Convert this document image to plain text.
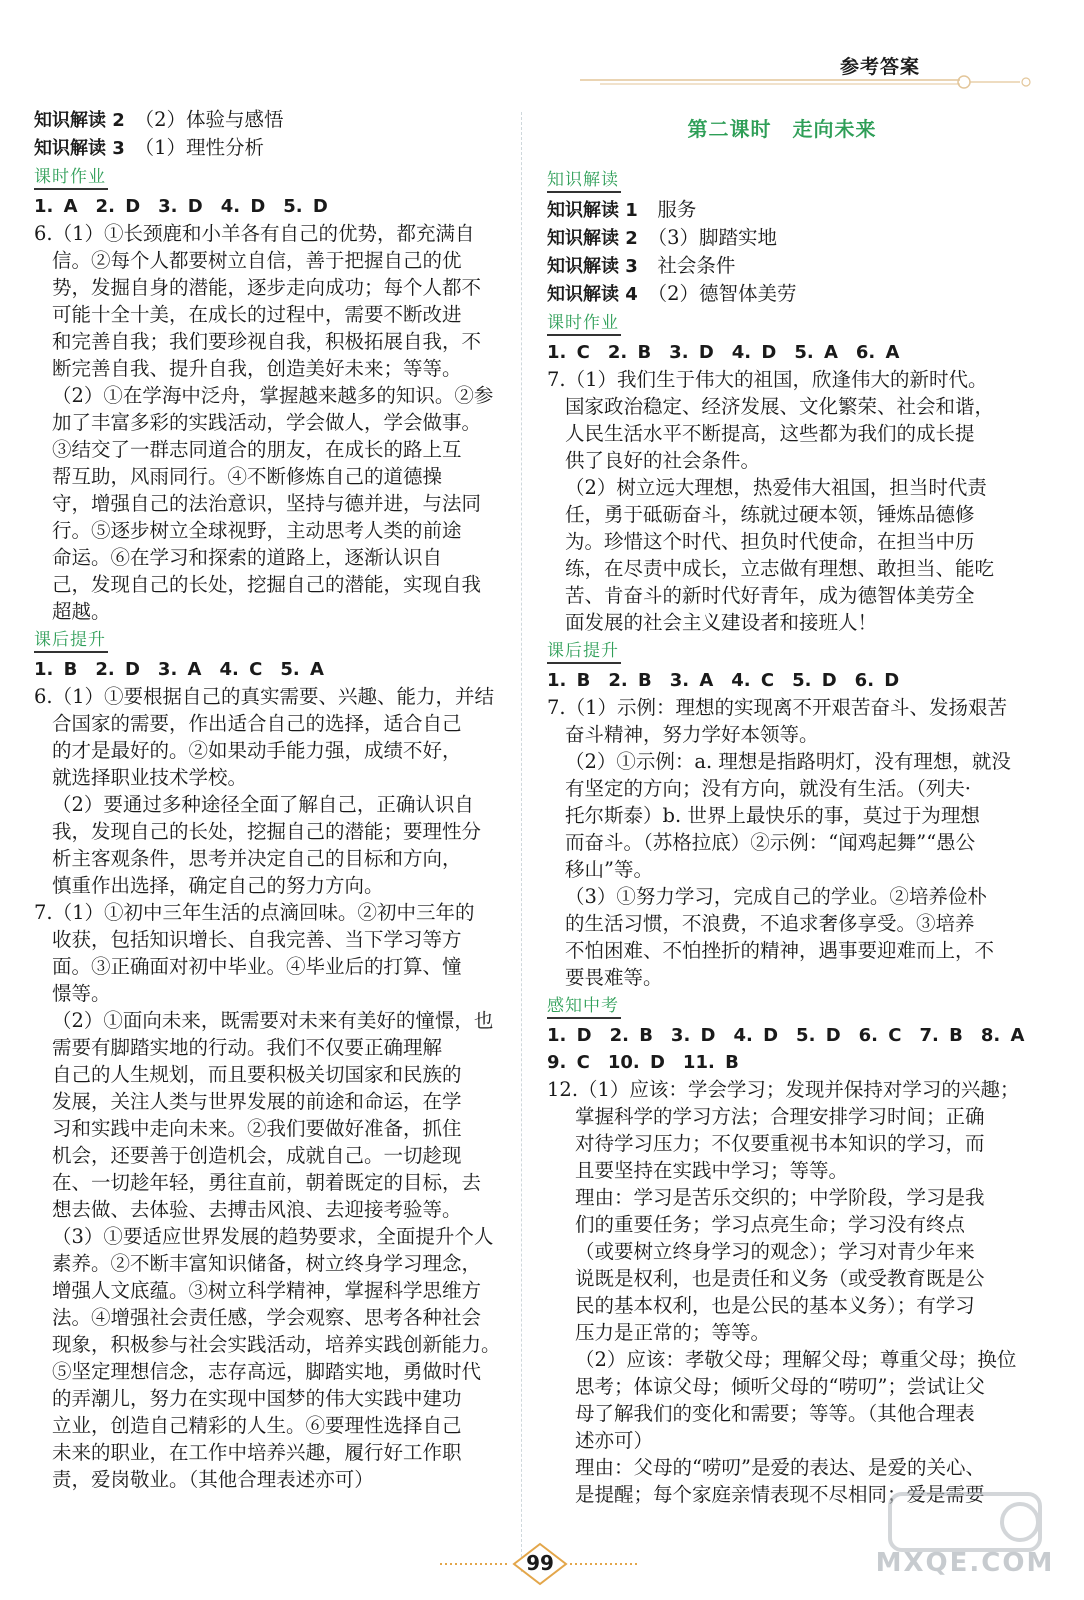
参考答案
知识解读 2　 （2）体验与感悟
知识解读 3　 （1）理性分析
课时作业
1. A　2. D　3. D　4. D　5. D
6.（1）①长颈鹿和小羊各有自己的优势，都充满自
信。②每个人都要树立自信，善于把握自己的优
势，发掘自身的潜能，逐步走向成功；每个人都不
可能十全十美，在成长的过程中，需要不断改进
和完善自我；我们要珍视自我，积极拓展自我，不
断完善自我、提升自我，创造美好未来；等等。
（2）①在学海中泛舟，掌握越来越多的知识。②参
加了丰富多彩的实践活动，学会做人，学会做事。
③结交了一群志同道合的朋友，在成长的路上互
帮互助，风雨同行。④不断修炼自己的道德操
守，增强自己的法治意识，坚持与德并进，与法同
行。⑤逐步树立全球视野，主动思考人类的前途
命运。⑥在学习和探索的道路上，逐渐认识自
己，发现自己的长处，挖掘自己的潜能，实现自我
超越。
课后提升
1. B　2. D　3. A　4. C　5. A
6.（1）①要根据自己的真实需要、兴趣、能力，并结
合国家的需要，作出适合自己的选择，适合自己
的才是最好的。②如果动手能力强，成绩不好，
就选择职业技术学校。
（2）要通过多种途径全面了解自己，正确认识自
我，发现自己的长处，挖掘自己的潜能；要理性分
析主客观条件，思考并决定自己的目标和方向，
慎重作出选择，确定自己的努力方向。
7.（1）①初中三年生活的点滴回味。②初中三年的
收获，包括知识增长、自我完善、当下学习等方
面。③正确面对初中毕业。④毕业后的打算、憧
憬等。
（2）①面向未来，既需要对未来有美好的憧憬，也
需要有脚踏实地的行动。我们不仅要正确理解
自己的人生规划，而且要积极关切国家和民族的
发展，关注人类与世界发展的前途和命运，在学
习和实践中走向未来。②我们要做好准备，抓住
机会，还要善于创造机会，成就自己。一切趁现
在、一切趁年轻，勇往直前，朝着既定的目标，去
想去做、去体验、去搏击风浪、去迎接考验等。
（3）①要适应世界发展的趋势要求，全面提升个人
素养。②不断丰富知识储备，树立终身学习理念，
增强人文底蕴。③树立科学精神，掌握科学思维方
法。④增强社会责任感，学会观察、思考各种社会
现象，积极参与社会实践活动，培养实践创新能力。
⑤坚定理想信念，志存高远，脚踏实地，勇做时代
的弄潮儿，努力在实现中国梦的伟大实践中建功
立业，创造自己精彩的人生。⑥要理性选择自己
未来的职业，在工作中培养兴趣，履行好工作职
责，爱岗敬业。（其他合理表述亦可）
第二课时　走向未来
知识解读
知识解读 1　 服务
知识解读 2　 （3）脚踏实地
知识解读 3　 社会条件
知识解读 4　 （2）德智体美劳
课时作业
1. C　2. B　3. D　4. D　5. A　6. A
7.（1）我们生于伟大的祖国，欣逢伟大的新时代。
国家政治稳定、经济发展、文化繁荣、社会和谐，
人民生活水平不断提高，这些都为我们的成长提
供了良好的社会条件。
（2）树立远大理想，热爱伟大祖国，担当时代责
任，勇于砥砺奋斗，练就过硬本领，锤炼品德修
为。珍惜这个时代、担负时代使命，在担当中历
练，在尽责中成长，立志做有理想、敢担当、能吃
苦、肯奋斗的新时代好青年，成为德智体美劳全
面发展的社会主义建设者和接班人！
课后提升
1. B　2. B　3. A　4. C　5. D　6. D
7.（1）示例：理想的实现离不开艰苦奋斗、发扬艰苦
奋斗精神，努力学好本领等。
（2）①示例：a. 理想是指路明灯，没有理想，就没
有坚定的方向；没有方向，就没有生活。（列夫·
托尔斯泰）b. 世界上最快乐的事，莫过于为理想
而奋斗。（苏格拉底）②示例：“闻鸡起舞”“愚公
移山”等。
（3）①努力学习，完成自己的学业。②培养俭朴
的生活习惯，不浪费，不追求奢侈享受。③培养
不怕困难、不怕挫折的精神，遇事要迎难而上，不
要畏难等。
感知中考
1. D　2. B　3. D　4. D　5. D　6. C　7. B　8. A
9. C　10. D　11. B
12.（1）应该：学会学习；发现并保持对学习的兴趣；
掌握科学的学习方法；合理安排学习时间；正确
对待学习压力；不仅要重视书本知识的学习，而
且要坚持在实践中学习；等等。
理由：学习是苦乐交织的；中学阶段，学习是我
们的重要任务；学习点亮生命；学习没有终点
（或要树立终身学习的观念）；学习对青少年来
说既是权利，也是责任和义务（或受教育既是公
民的基本权利，也是公民的基本义务）；有学习
压力是正常的；等等。
（2）应该：孝敬父母；理解父母；尊重父母；换位
思考；体谅父母；倾听父母的“唠叨”；尝试让父
母了解我们的变化和需要；等等。（其他合理表
述亦可）
理由：父母的“唠叨”是爱的表达、是爱的关心、
是提醒；每个家庭亲情表现不尽相同；爱是需要
99	MXQE.COM
